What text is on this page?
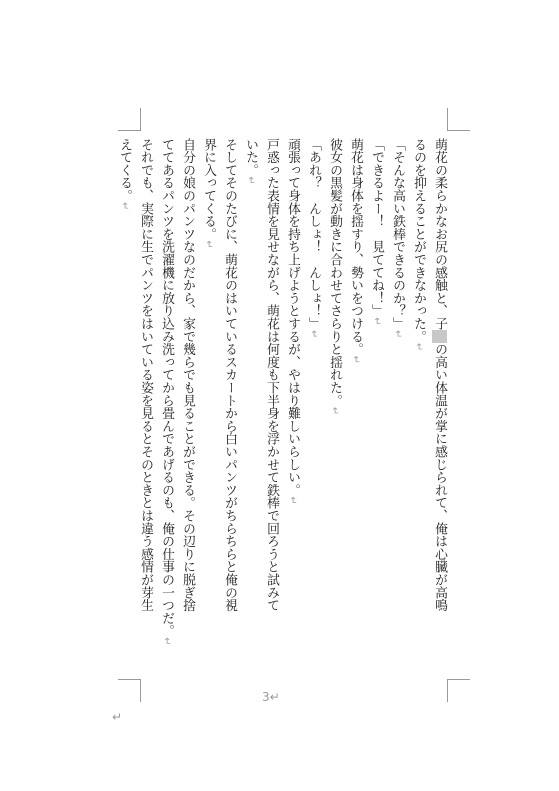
萌花の柔らかなお尻の感触と、子　の高い体温が掌に感じられて、俺は心臓が高鳴
るのを抑えることができなかった。↵
「そんな高い鉄棒できるのか？」↵
「できるよー！　見ててね！」↵
萌花は身体を揺すり、勢いをつける。↵
彼女の黒髪が動きに合わせてさらりと揺れた。↵
「あれ？　んしょ！　んしょ！」↵
頑張って身体を持ち上げようとするが、やはり難しいらしい。↵
戸惑った表情を見せながら、萌花は何度も下半身を浮かせて鉄棒で回ろうと試みて
いた。↵
そしてそのたびに、萌花のはいているスカートから白いパンツがちらちらと俺の視
界に入ってくる。↵
自分の娘のパンツなのだから、家で幾らでも見ることができる。その辺りに脱ぎ捨
ててあるパンツを洗濯機に放り込み洗ってから畳んであげるのも、俺の仕事の一つだ。↵
それでも、実際に生でパンツをはいている姿を見るとそのときとは違う感情が芽生
えてくる。↵
3↵
↵
